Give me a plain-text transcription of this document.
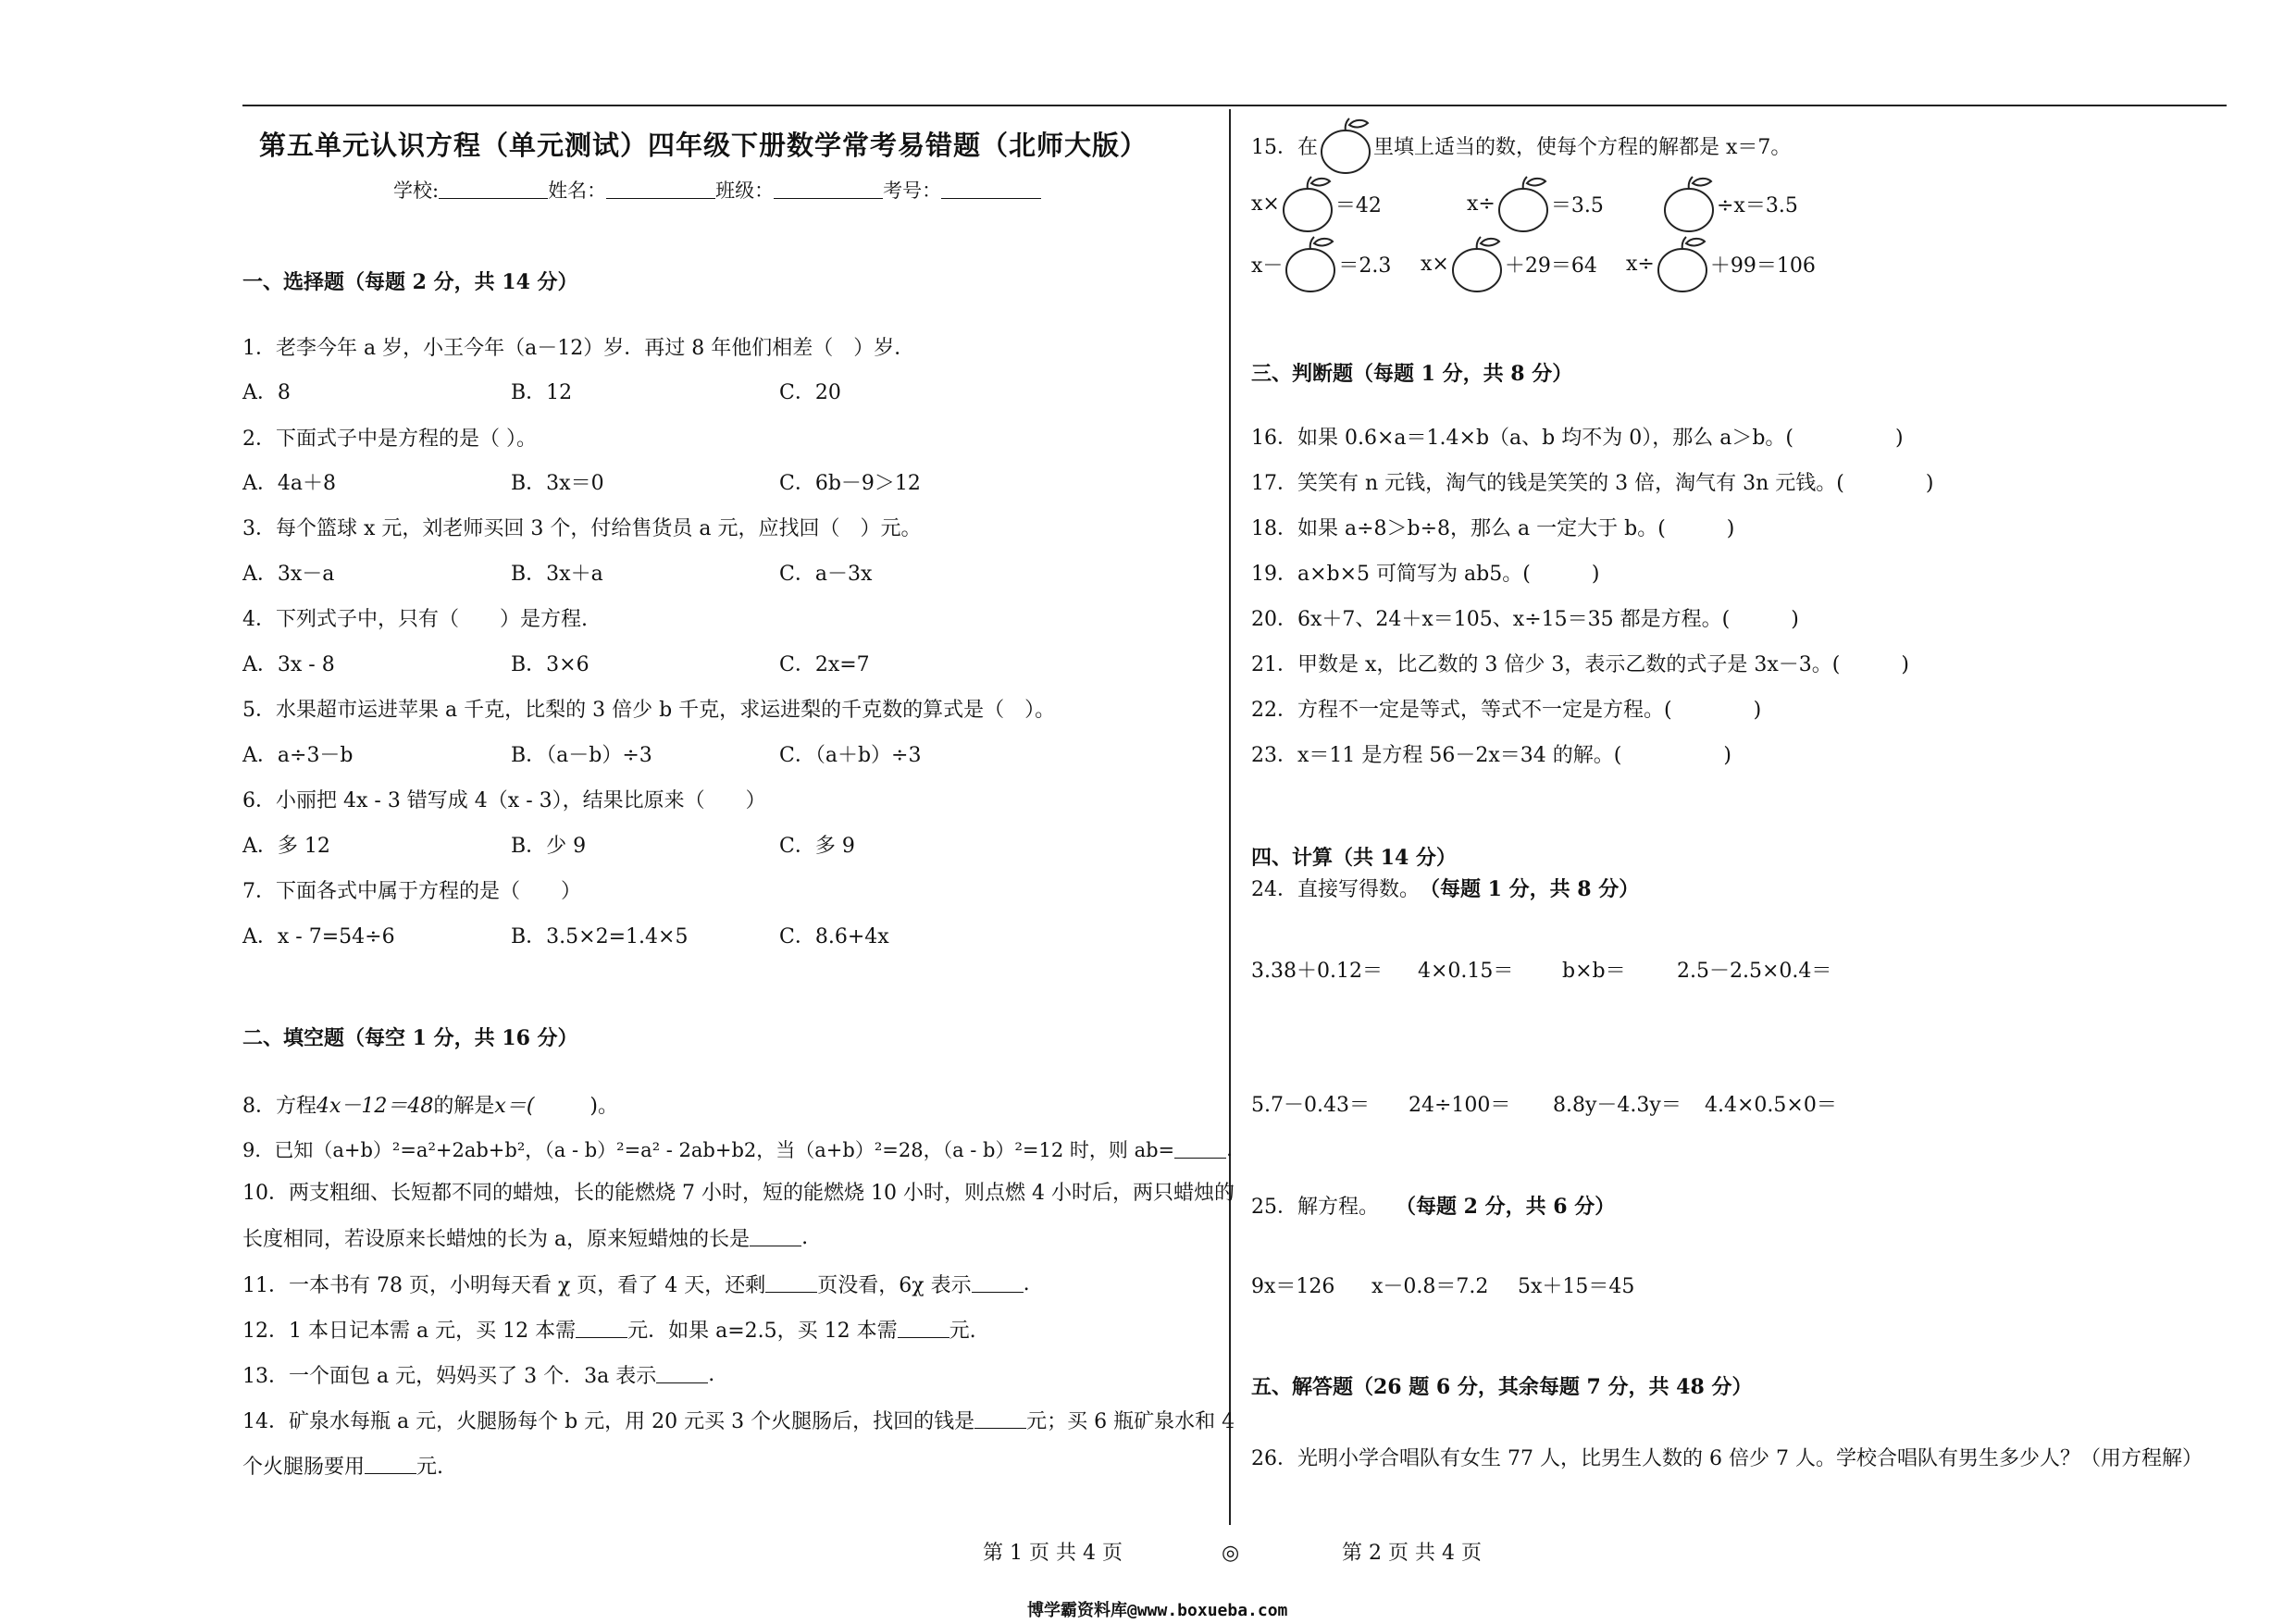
第五单元认识方程（单元测试）四年级下册数学常考易错题（北师大版）
学校:	姓名：	班级：	考号：
一、选择题（每题 2 分，共 14 分）
1．老李今年 a 岁，小王今年（a－12）岁．再过 8 年他们相差（　）岁．
A．8	B．12	C．20
2．下面式子中是方程的是（ ）。
A．4a＋8	B．3x＝0	C．6b－9＞12
3．每个篮球 x 元，刘老师买回 3 个，付给售货员 a 元，应找回（　）元。
A．3x－a	B．3x＋a	C．a－3x
4．下列式子中，只有（　　）是方程.
A．3x - 8	B．3×6	C．2x=7
5．水果超市运进苹果 a 千克，比梨的 3 倍少 b 千克，求运进梨的千克数的算式是（　）。
A．a÷3－b	B．（a－b）÷3	C．（a＋b）÷3
6．小丽把 4x - 3 错写成 4（x - 3），结果比原来（　　）
A．多 12	B．少 9	C．多 9
7．下面各式中属于方程的是（　　）
A．x - 7=54÷6	B．3.5×2=1.4×5	C．8.6+4x
二、填空题（每空 1 分，共 16 分）
8．方程 4x－12＝48 的解是 x＝(	)。
9．已知（a+b）²=a²+2ab+b²，（a - b）²=a² - 2ab+b2，当（a+b）²=28，（a - b）²=12 时，则 ab=	.
10．两支粗细、长短都不同的蜡烛，长的能燃烧 7 小时，短的能燃烧 10 小时，则点燃 4 小时后，两只蜡烛的
长度相同，若设原来长蜡烛的长为 a，原来短蜡烛的长是	.
11．一本书有 78 页，小明每天看 χ 页，看了 4 天，还剩	页没看，6χ 表示	.
12．1 本日记本需 a 元，买 12 本需	元．如果 a=2.5，买 12 本需	元.
13．一个面包 a 元，妈妈买了 3 个．3a 表示	.
14．矿泉水每瓶 a 元，火腿肠每个 b 元，用 20 元买 3 个火腿肠后，找回的钱是	元；买 6 瓶矿泉水和 4
个火腿肠要用	元.
15．在	里填上适当的数，使每个方程的解都是 x＝7。
x×	＝42	x÷	＝3.5	÷x＝3.5
x－	＝2.3 x×	＋29＝64 x÷	＋99＝106
三、判断题（每题 1 分，共 8 分）
16．如果 0.6×a＝1.4×b（a、b 均不为 0），那么 a＞b。(　　　　　)
17．笑笑有 n 元钱，淘气的钱是笑笑的 3 倍，淘气有 3n 元钱。(　　　　)
18．如果 a÷8＞b÷8，那么 a 一定大于 b。(　　　)
19．a×b×5 可简写为 ab5。(　　　)
20．6x＋7、24＋x＝105、x÷15＝35 都是方程。(　　　)
21．甲数是 x，比乙数的 3 倍少 3，表示乙数的式子是 3x－3。(　　　)
22．方程不一定是等式，等式不一定是方程。(　　　　)
23．x＝11 是方程 56－2x＝34 的解。(　　　　　)
四、计算（共 14 分）
24．直接写得数。 （每题 1 分，共 8 分）
3.38＋0.12＝ 4×0.15＝ b×b＝	2.5－2.5×0.4＝
5.7－0.43＝ 24÷100＝ 8.8y－4.3y＝ 4.4×0.5×0＝
25．解方程。 （每题 2 分，共 6 分）
9x＝126 x－0.8＝7.2 5x＋15＝45
五、解答题（26 题 6 分，其余每题 7 分，共 48 分）
26．光明小学合唱队有女生 77 人，比男生人数的 6 倍少 7 人。学校合唱队有男生多少人？（用方程解）
第 1 页 共 4 页	◎	第 2 页 共 4 页
博学霸资料库@www.boxueba.com
